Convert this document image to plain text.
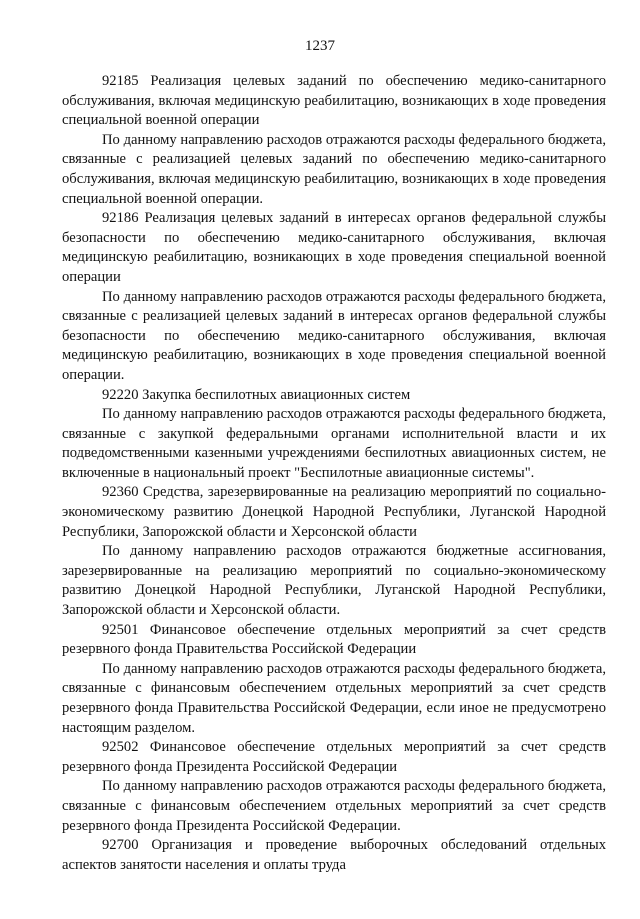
1237

92185 Реализация целевых заданий по обеспечению медико-санитарного обслуживания, включая медицинскую реабилитацию, возникающих в ходе проведения специальной военной операции

По данному направлению расходов отражаются расходы федерального бюджета, связанные с реализацией целевых заданий по обеспечению медико-санитарного обслуживания, включая медицинскую реабилитацию, возникающих в ходе проведения специальной военной операции.

92186 Реализация целевых заданий в интересах органов федеральной службы безопасности по обеспечению медико-санитарного обслуживания, включая медицинскую реабилитацию, возникающих в ходе проведения специальной военной операции

По данному направлению расходов отражаются расходы федерального бюджета, связанные с реализацией целевых заданий в интересах органов федеральной службы безопасности по обеспечению медико-санитарного обслуживания, включая медицинскую реабилитацию, возникающих в ходе проведения специальной военной операции.

92220 Закупка беспилотных авиационных систем

По данному направлению расходов отражаются расходы федерального бюджета, связанные с закупкой федеральными органами исполнительной власти и их подведомственными казенными учреждениями беспилотных авиационных систем, не включенные в национальный проект "Беспилотные авиационные системы".

92360 Средства, зарезервированные на реализацию мероприятий по социально-экономическому развитию Донецкой Народной Республики, Луганской Народной Республики, Запорожской области и Херсонской области

По данному направлению расходов отражаются бюджетные ассигнования, зарезервированные на реализацию мероприятий по социально-экономическому развитию Донецкой Народной Республики, Луганской Народной Республики, Запорожской области и Херсонской области.

92501 Финансовое обеспечение отдельных мероприятий за счет средств резервного фонда Правительства Российской Федерации

По данному направлению расходов отражаются расходы федерального бюджета, связанные с финансовым обеспечением отдельных мероприятий за счет средств резервного фонда Правительства Российской Федерации, если иное не предусмотрено настоящим разделом.

92502 Финансовое обеспечение отдельных мероприятий за счет средств резервного фонда Президента Российской Федерации

По данному направлению расходов отражаются расходы федерального бюджета, связанные с финансовым обеспечением отдельных мероприятий за счет средств резервного фонда Президента Российской Федерации.

92700 Организация и проведение выборочных обследований отдельных аспектов занятости населения и оплаты труда
